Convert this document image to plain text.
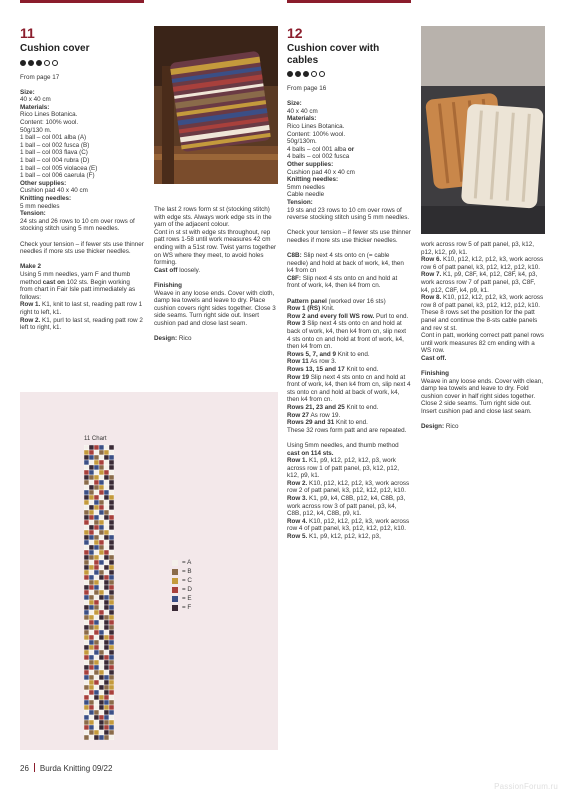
11
Cushion cover

From page 17

Size:

40 x 40 cm

Materials:

Rico Lines Botanica.

Content: 100% wool.

50g/130 m.

1 ball – col 001 alba (A)

1 ball – col 002 fusca (B)

1 ball – col 003 flava (C)

1 ball – col 004 rubra (D)

1 ball – col 005 violacea (E)

1 ball – col 006 caerula (F)

Other supplies:

Cushion pad 40 x 40 cm

Knitting needles:

5 mm needles

Tension:

24 sts and 26 rows to 10 cm over rows of stocking stitch using 5 mm needles.

Check your tension – if fewer sts use thinner needles if more sts use thicker needles.

Make 2

Using 5 mm needles, yarn F and thumb method cast on 102 sts. Begin working from chart in Fair Isle patt immediately as follows:

Row 1. K1, knit to last st, reading patt row 1 right to left, k1.

Row 2. K1, purl to last st, reading patt row 2 left to right, k1.

The last 2 rows form st st (stocking stitch) with edge sts. Always work edge sts in the yarn of the adjacent colour.

Cont in st st with edge sts throughout, rep patt rows 1-58 until work measures 42 cm ending with a 51st row. Twist yarns together on WS where they meet, to avoid holes forming.

Cast off loosely.

Finishing

Weave in any loose ends. Cover with cloth, damp tea towels and leave to dry. Place cushion covers right sides together. Close 3 side seams. Turn right side out. Insert cushion pad and close last seam.

Design: Rico

11 Chart
= A
= B
= C
= D
= E
= F
12
Cushion cover with
cables

From page 16

Size:

40 x 40 cm

Materials:

Rico Lines Botanica.

Content: 100% wool.

50g/130m.

4 balls – col 001 alba or

4 balls – col 002 fusca

Other supplies:

Cushion pad 40 x 40 cm

Knitting needles:

5mm needles

Cable needle

Tension:

19 sts and 23 rows to 10 cm over rows of reverse stocking stitch using 5 mm needles.

Check your tension – if fewer sts use thinner needles if more sts use thicker needles.

C8B: Slip next 4 sts onto cn (= cable needle) and hold at back of work, k4, then k4 from cn

C8F: Slip next 4 sts onto cn and hold at front of work, k4, then k4 from cn.

Pattern panel (worked over 16 sts)

Row 1 (RS) Knit.

Row 2 and every foll WS row. Purl to end.

Row 3 Slip next 4 sts onto cn and hold at back of work, k4, then k4 from cn, slip next 4 sts onto cn and hold at front of work, k4, then k4 from cn.

Rows 5, 7, and 9 Knit to end.

Row 11 As row 3.

Rows 13, 15 and 17 Knit to end.

Row 19 Slip next 4 sts onto cn and hold at front of work, k4, then k4 from cn, slip next 4 sts onto cn and hold at back of work, k4, then k4 from cn.

Rows 21, 23 and 25 Knit to end.

Row 27 As row 19.

Rows 29 and 31 Knit to end.

These 32 rows form patt and are repeated.

Using 5mm needles, and thumb method cast on 114 sts.

Row 1. K1, p9, k12, p12, k12, p3, work across row 1 of patt panel, p3, k12, p12, k12, p9, k1.

Row 2. K10, p12, k12, p12, k3, work across row 2 of patt panel, k3, p12, k12, p12, k10.

Row 3. K1, p9, k4, C8B, p12, k4, C8B, p3, work across row 3 of patt panel, p3, k4, C8B, p12, k4, C8B, p9, k1.

Row 4. K10, p12, k12, p12, k3, work across row 4 of patt panel, k3, p12, k12, p12, k10.

Row 5. K1, p9, k12, p12, k12, p3,

work across row 5 of patt panel, p3, k12, p12, k12, p9, k1.

Row 6. K10, p12, k12, p12, k3, work across row 6 of patt panel, k3, p12, k12, p12, k10.

Row 7. K1, p9, C8F, k4, p12, C8F, k4, p3, work across row 7 of patt panel, p3, C8F, k4, p12, C8F, k4, p9, k1.

Row 8. K10, p12, k12, p12, k3, work across row 8 of patt panel, k3, p12, k12, p12, k10.

These 8 rows set the position for the patt panel and continue the 8-sts cable panels and rev st st.

Cont in patt, working correct patt panel rows until work measures 82 cm ending with a WS row.

Cast off.

Finishing

Weave in any loose ends. Cover with clean, damp tea towels and leave to dry. Fold cushion cover in half right sides together. Close 2 side seams. Turn right side out. Insert cushion pad and close last seam.

Design: Rico

26 Burda Knitting 09/22
PassionForum.ru
